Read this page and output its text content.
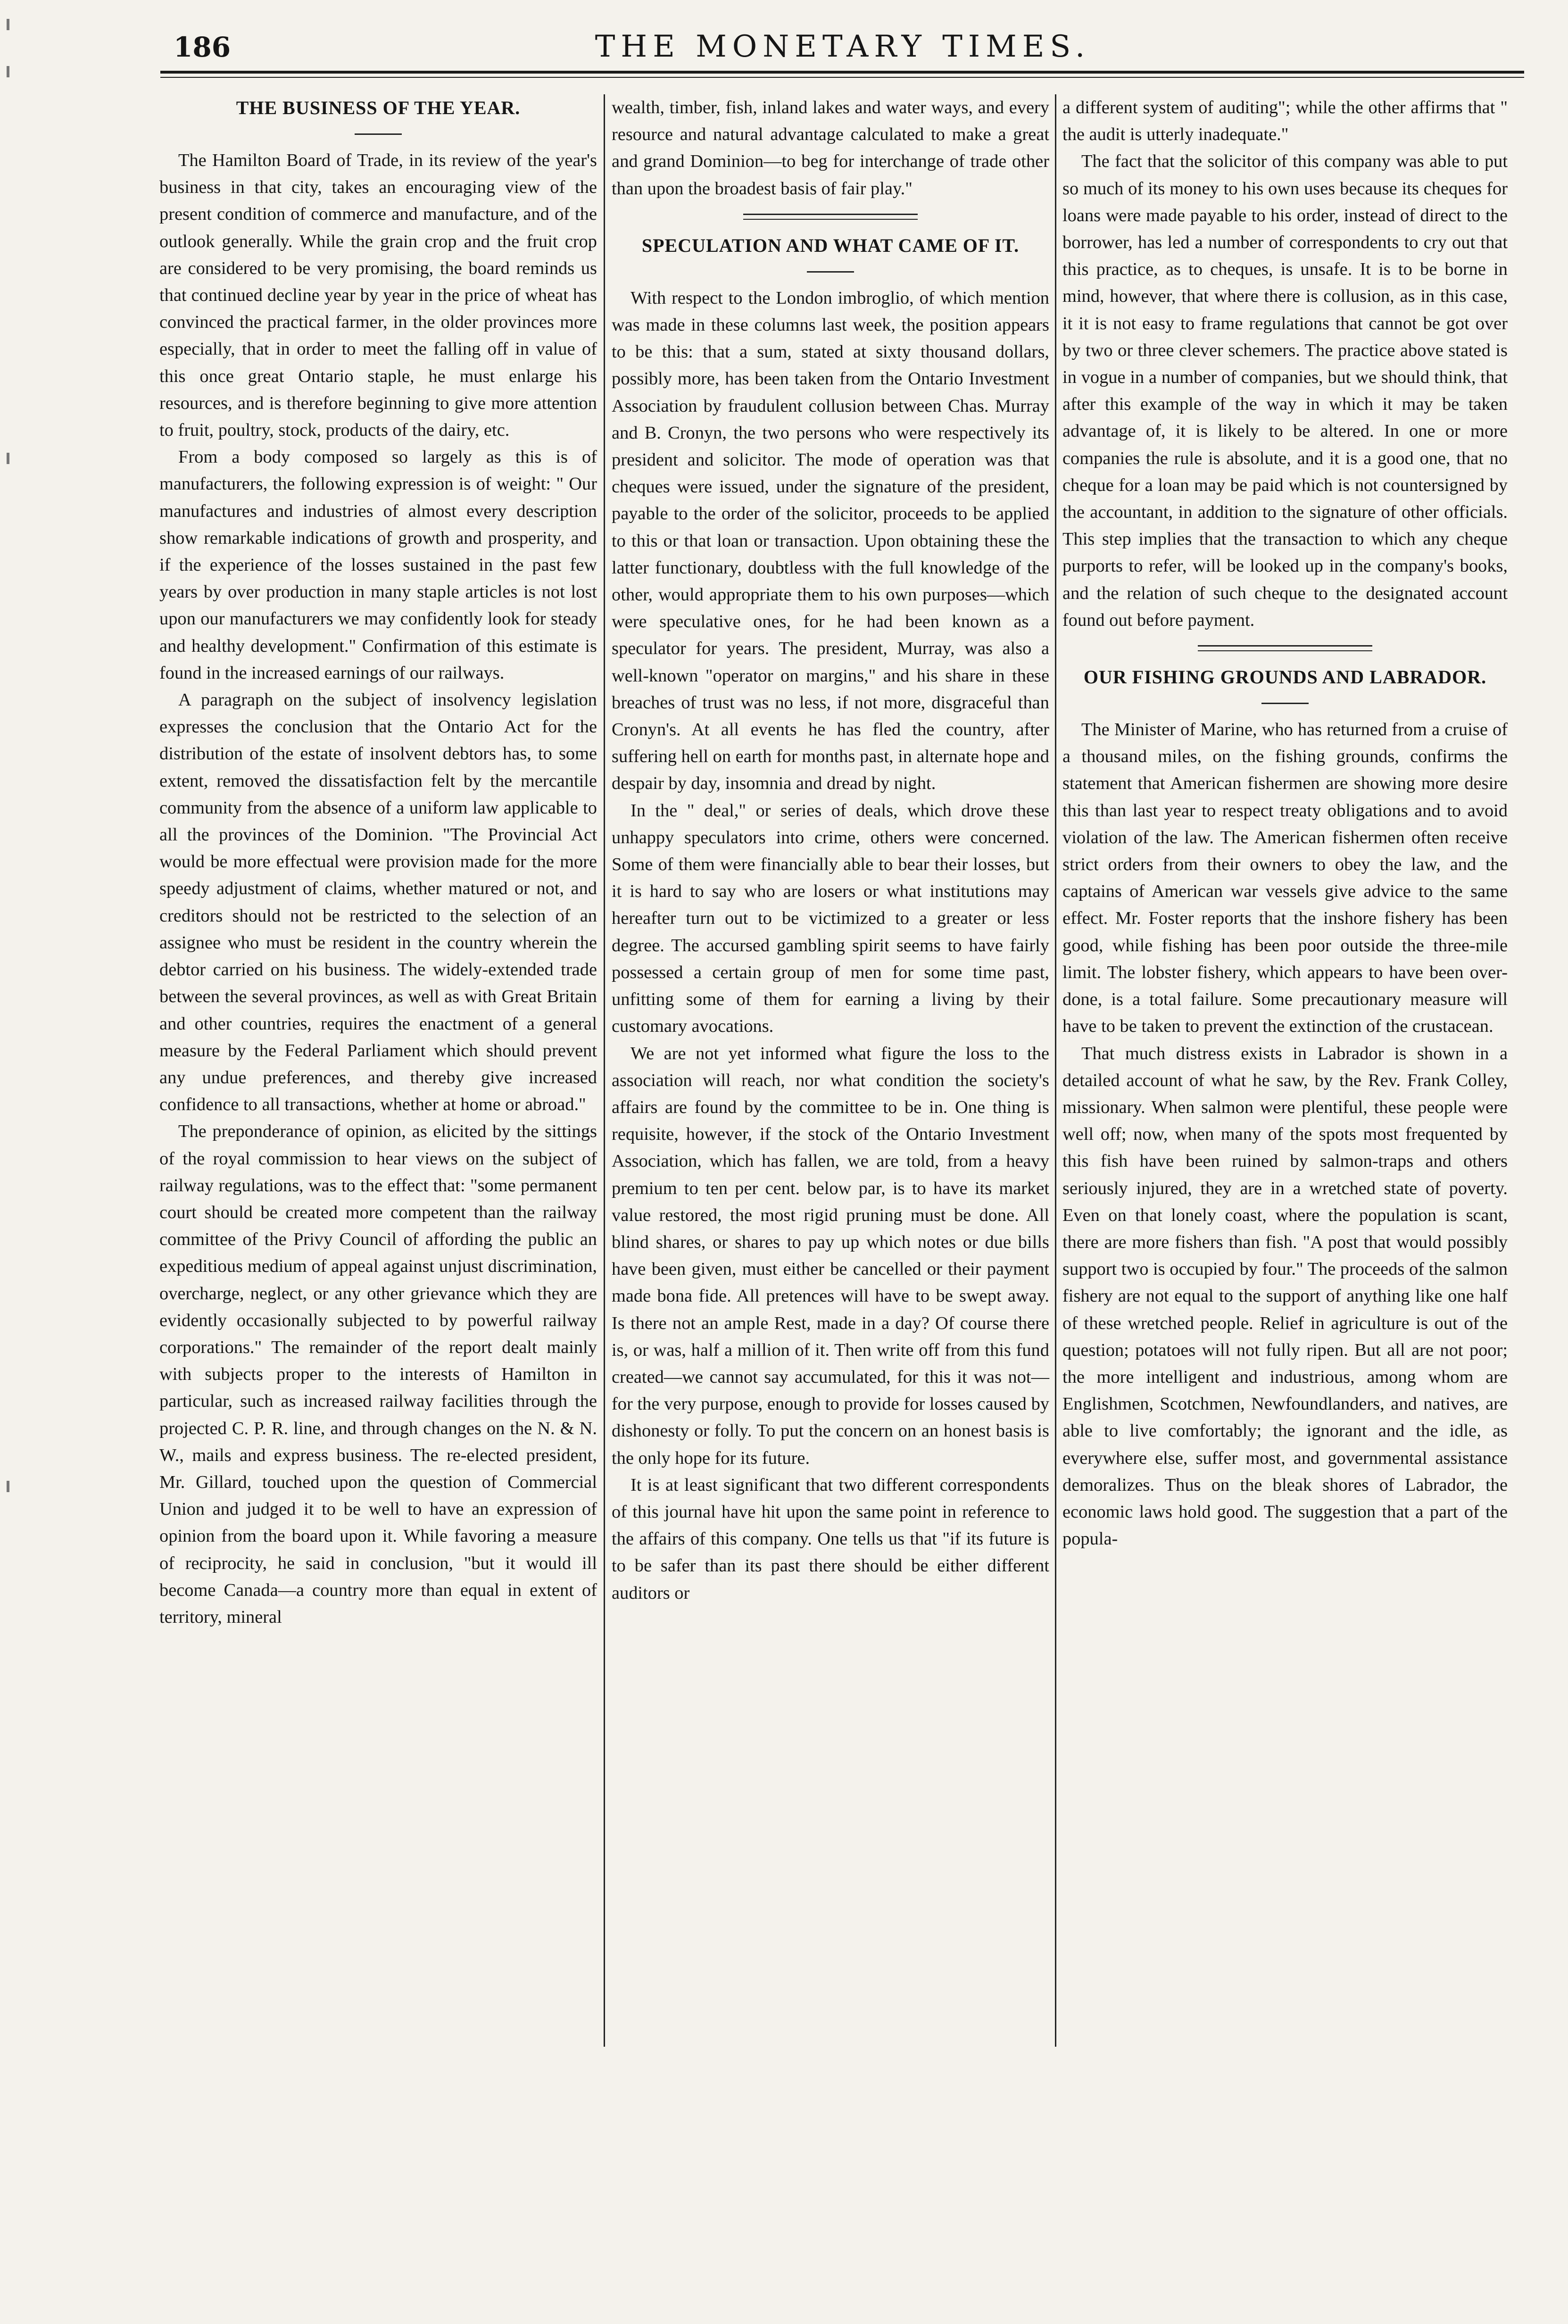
186	THE MONETARY TIMES.
THE BUSINESS OF THE YEAR.

The Hamilton Board of Trade, in its review of the year's business in that city, takes an encouraging view of the present condition of commerce and manufacture, and of the outlook generally. While the grain crop and the fruit crop are considered to be very promising, the board reminds us that continued decline year by year in the price of wheat has convinced the practical farmer, in the older provinces more especially, that in order to meet the falling off in value of this once great Ontario staple, he must enlarge his resources, and is therefore beginning to give more attention to fruit, poultry, stock, products of the dairy, etc.

From a body composed so largely as this is of manufacturers, the following expression is of weight: " Our manufactures and industries of almost every description show remarkable indications of growth and prosperity, and if the experience of the losses sustained in the past few years by over production in many staple articles is not lost upon our manufacturers we may confidently look for steady and healthy development." Confirmation of this estimate is found in the increased earnings of our railways.

A paragraph on the subject of insolvency legislation expresses the conclusion that the Ontario Act for the distribution of the estate of insolvent debtors has, to some extent, removed the dissatisfaction felt by the mercantile community from the absence of a uniform law applicable to all the provinces of the Dominion. "The Provincial Act would be more effectual were provision made for the more speedy adjustment of claims, whether matured or not, and creditors should not be restricted to the selection of an assignee who must be resident in the country wherein the debtor carried on his business. The widely-extended trade between the several provinces, as well as with Great Britain and other countries, requires the enactment of a general measure by the Federal Parliament which should prevent any undue preferences, and thereby give increased confidence to all transactions, whether at home or abroad."

The preponderance of opinion, as elicited by the sittings of the royal commission to hear views on the subject of railway regulations, was to the effect that: "some permanent court should be created more competent than the railway committee of the Privy Council of affording the public an expeditious medium of appeal against unjust discrimination, overcharge, neglect, or any other grievance which they are evidently occasionally subjected to by powerful railway corporations." The remainder of the report dealt mainly with subjects proper to the interests of Hamilton in particular, such as increased railway facilities through the projected C. P. R. line, and through changes on the N. & N. W., mails and express business. The re-elected president, Mr. Gillard, touched upon the question of Commercial Union and judged it to be well to have an expression of opinion from the board upon it. While favoring a measure of reciprocity, he said in conclusion, "but it would ill become Canada—a country more than equal in extent of territory, mineral

wealth, timber, fish, inland lakes and water ways, and every resource and natural advantage calculated to make a great and grand Dominion—to beg for interchange of trade other than upon the broadest basis of fair play."

SPECULATION AND WHAT CAME OF IT.

With respect to the London imbroglio, of which mention was made in these columns last week, the position appears to be this: that a sum, stated at sixty thousand dollars, possibly more, has been taken from the Ontario Investment Association by fraudulent collusion between Chas. Murray and B. Cronyn, the two persons who were respectively its president and solicitor. The mode of operation was that cheques were issued, under the signature of the president, payable to the order of the solicitor, proceeds to be applied to this or that loan or transaction. Upon obtaining these the latter functionary, doubtless with the full knowledge of the other, would appropriate them to his own purposes—which were speculative ones, for he had been known as a speculator for years. The president, Murray, was also a well-known "operator on margins," and his share in these breaches of trust was no less, if not more, disgraceful than Cronyn's. At all events he has fled the country, after suffering hell on earth for months past, in alternate hope and despair by day, insomnia and dread by night.

In the " deal," or series of deals, which drove these unhappy speculators into crime, others were concerned. Some of them were financially able to bear their losses, but it is hard to say who are losers or what institutions may hereafter turn out to be victimized to a greater or less degree. The accursed gambling spirit seems to have fairly possessed a certain group of men for some time past, unfitting some of them for earning a living by their customary avocations.

We are not yet informed what figure the loss to the association will reach, nor what condition the society's affairs are found by the committee to be in. One thing is requisite, however, if the stock of the Ontario Investment Association, which has fallen, we are told, from a heavy premium to ten per cent. below par, is to have its market value restored, the most rigid pruning must be done. All blind shares, or shares to pay up which notes or due bills have been given, must either be cancelled or their payment made bona fide. All pretences will have to be swept away. Is there not an ample Rest, made in a day? Of course there is, or was, half a million of it. Then write off from this fund created—we cannot say accumulated, for this it was not—for the very purpose, enough to provide for losses caused by dishonesty or folly. To put the concern on an honest basis is the only hope for its future.

It is at least significant that two different correspondents of this journal have hit upon the same point in reference to the affairs of this company. One tells us that "if its future is to be safer than its past there should be either different auditors or

a different system of auditing"; while the other affirms that " the audit is utterly inadequate."

The fact that the solicitor of this company was able to put so much of its money to his own uses because its cheques for loans were made payable to his order, instead of direct to the borrower, has led a number of correspondents to cry out that this practice, as to cheques, is unsafe. It is to be borne in mind, however, that where there is collusion, as in this case, it it is not easy to frame regulations that cannot be got over by two or three clever schemers. The practice above stated is in vogue in a number of companies, but we should think, that after this example of the way in which it may be taken advantage of, it is likely to be altered. In one or more companies the rule is absolute, and it is a good one, that no cheque for a loan may be paid which is not countersigned by the accountant, in addition to the signature of other officials. This step implies that the transaction to which any cheque purports to refer, will be looked up in the company's books, and the relation of such cheque to the designated account found out before payment.

OUR FISHING GROUNDS AND LABRADOR.

The Minister of Marine, who has returned from a cruise of a thousand miles, on the fishing grounds, confirms the statement that American fishermen are showing more desire this than last year to respect treaty obligations and to avoid violation of the law. The American fishermen often receive strict orders from their owners to obey the law, and the captains of American war vessels give advice to the same effect. Mr. Foster reports that the inshore fishery has been good, while fishing has been poor outside the three-mile limit. The lobster fishery, which appears to have been over-done, is a total failure. Some precautionary measure will have to be taken to prevent the extinction of the crustacean.

That much distress exists in Labrador is shown in a detailed account of what he saw, by the Rev. Frank Colley, missionary. When salmon were plentiful, these people were well off; now, when many of the spots most frequented by this fish have been ruined by salmon-traps and others seriously injured, they are in a wretched state of poverty. Even on that lonely coast, where the population is scant, there are more fishers than fish. "A post that would possibly support two is occupied by four." The proceeds of the salmon fishery are not equal to the support of anything like one half of these wretched people. Relief in agriculture is out of the question; potatoes will not fully ripen. But all are not poor; the more intelligent and industrious, among whom are Englishmen, Scotchmen, Newfoundlanders, and natives, are able to live comfortably; the ignorant and the idle, as everywhere else, suffer most, and governmental assistance demoralizes. Thus on the bleak shores of Labrador, the economic laws hold good. The suggestion that a part of the popula-
